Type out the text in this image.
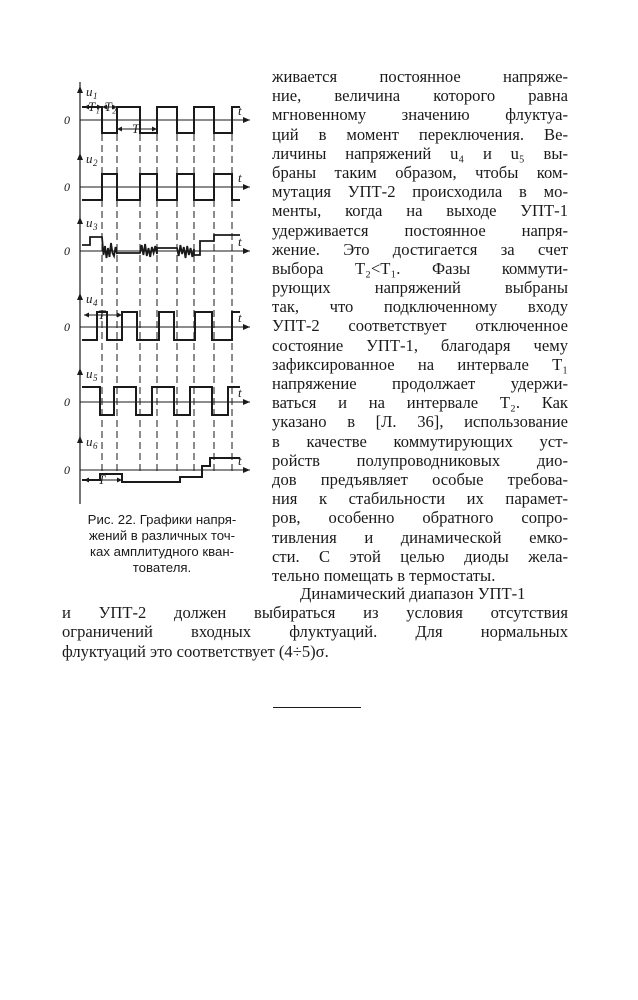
u 1
0
t
u 2
0
t
u 3
0
t
u 4
0
t
u 5
0
t
u 6
0
t
T₁ T₂
T
T
T
Рис. 22. Графики напря-
жений в различных точ-
ках амплитудного кван-
тователя.
живается постоянное напряже-
ние, величина которого равна
мгновенному значению флуктуа-
ций в момент переключения. Ве-
личины напряжений u₄ и u₅ вы-
браны таким образом, чтобы ком-
мутация УПТ-2 происходила в мо-
менты, когда на выходе УПТ-1
удерживается постоянное напря-
жение. Это достигается за счет
выбора T₂<T₁. Фазы коммути-
рующих напряжений выбраны
так, что подключенному входу
УПТ-2 соответствует отключенное
состояние УПТ-1, благодаря чему
зафиксированное на интервале T₁
напряжение продолжает удержи-
ваться и на интервале T₂. Как
указано в [Л. 36], использование
в качестве коммутирующих уст-
ройств полупроводниковых дио-
дов предъявляет особые требова-
ния к стабильности их парамет-
ров, особенно обратного сопро-
тивления и динамической емко-
сти. С этой целью диоды жела-
тельно помещать в термостаты.
Динамический диапазон УПТ-1
и УПТ-2 должен выбираться из условия отсутствия
ограничений входных флуктуаций. Для нормальных
флуктуаций это соответствует (4÷5)σ.
